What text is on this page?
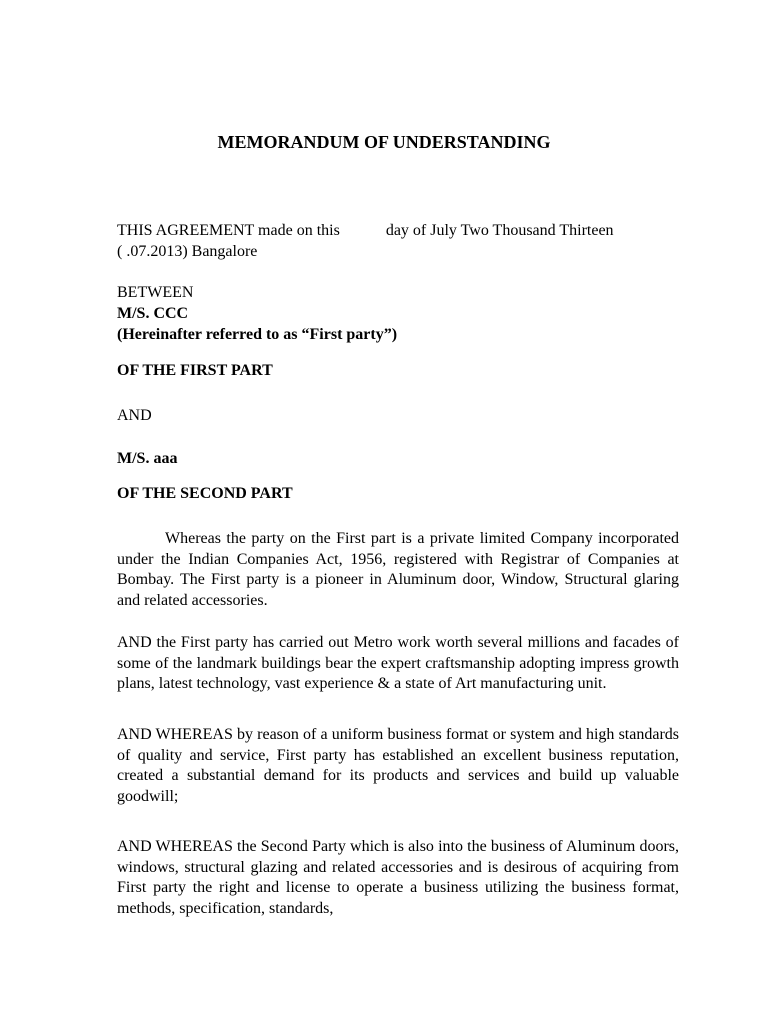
MEMORANDUM OF UNDERSTANDING

THIS AGREEMENT made on this	day of July Two Thousand Thirteen

( .07.2013) Bangalore

BETWEEN

M/S. CCC

(Hereinafter referred to as “First party”)

OF THE FIRST PART

AND

M/S. aaa

OF THE SECOND PART

Whereas the party on the First part is a private limited Company incorporated under the Indian Companies Act, 1956, registered with Registrar of Companies at Bombay. The First party is a pioneer in Aluminum door, Window, Structural glaring and related accessories.

AND the First party has carried out Metro work worth several millions and facades of some of the landmark buildings bear the expert craftsmanship adopting impress growth plans, latest technology, vast experience & a state of Art manufacturing unit.

AND WHEREAS by reason of a uniform business format or system and high standards of quality and service, First party has established an excellent business reputation, created a substantial demand for its products and services and build up valuable goodwill;

AND WHEREAS the Second Party which is also into the business of Aluminum doors, windows, structural glazing and related accessories and is desirous of acquiring from First party the right and license to operate a business utilizing the business format, methods, specification, standards,
